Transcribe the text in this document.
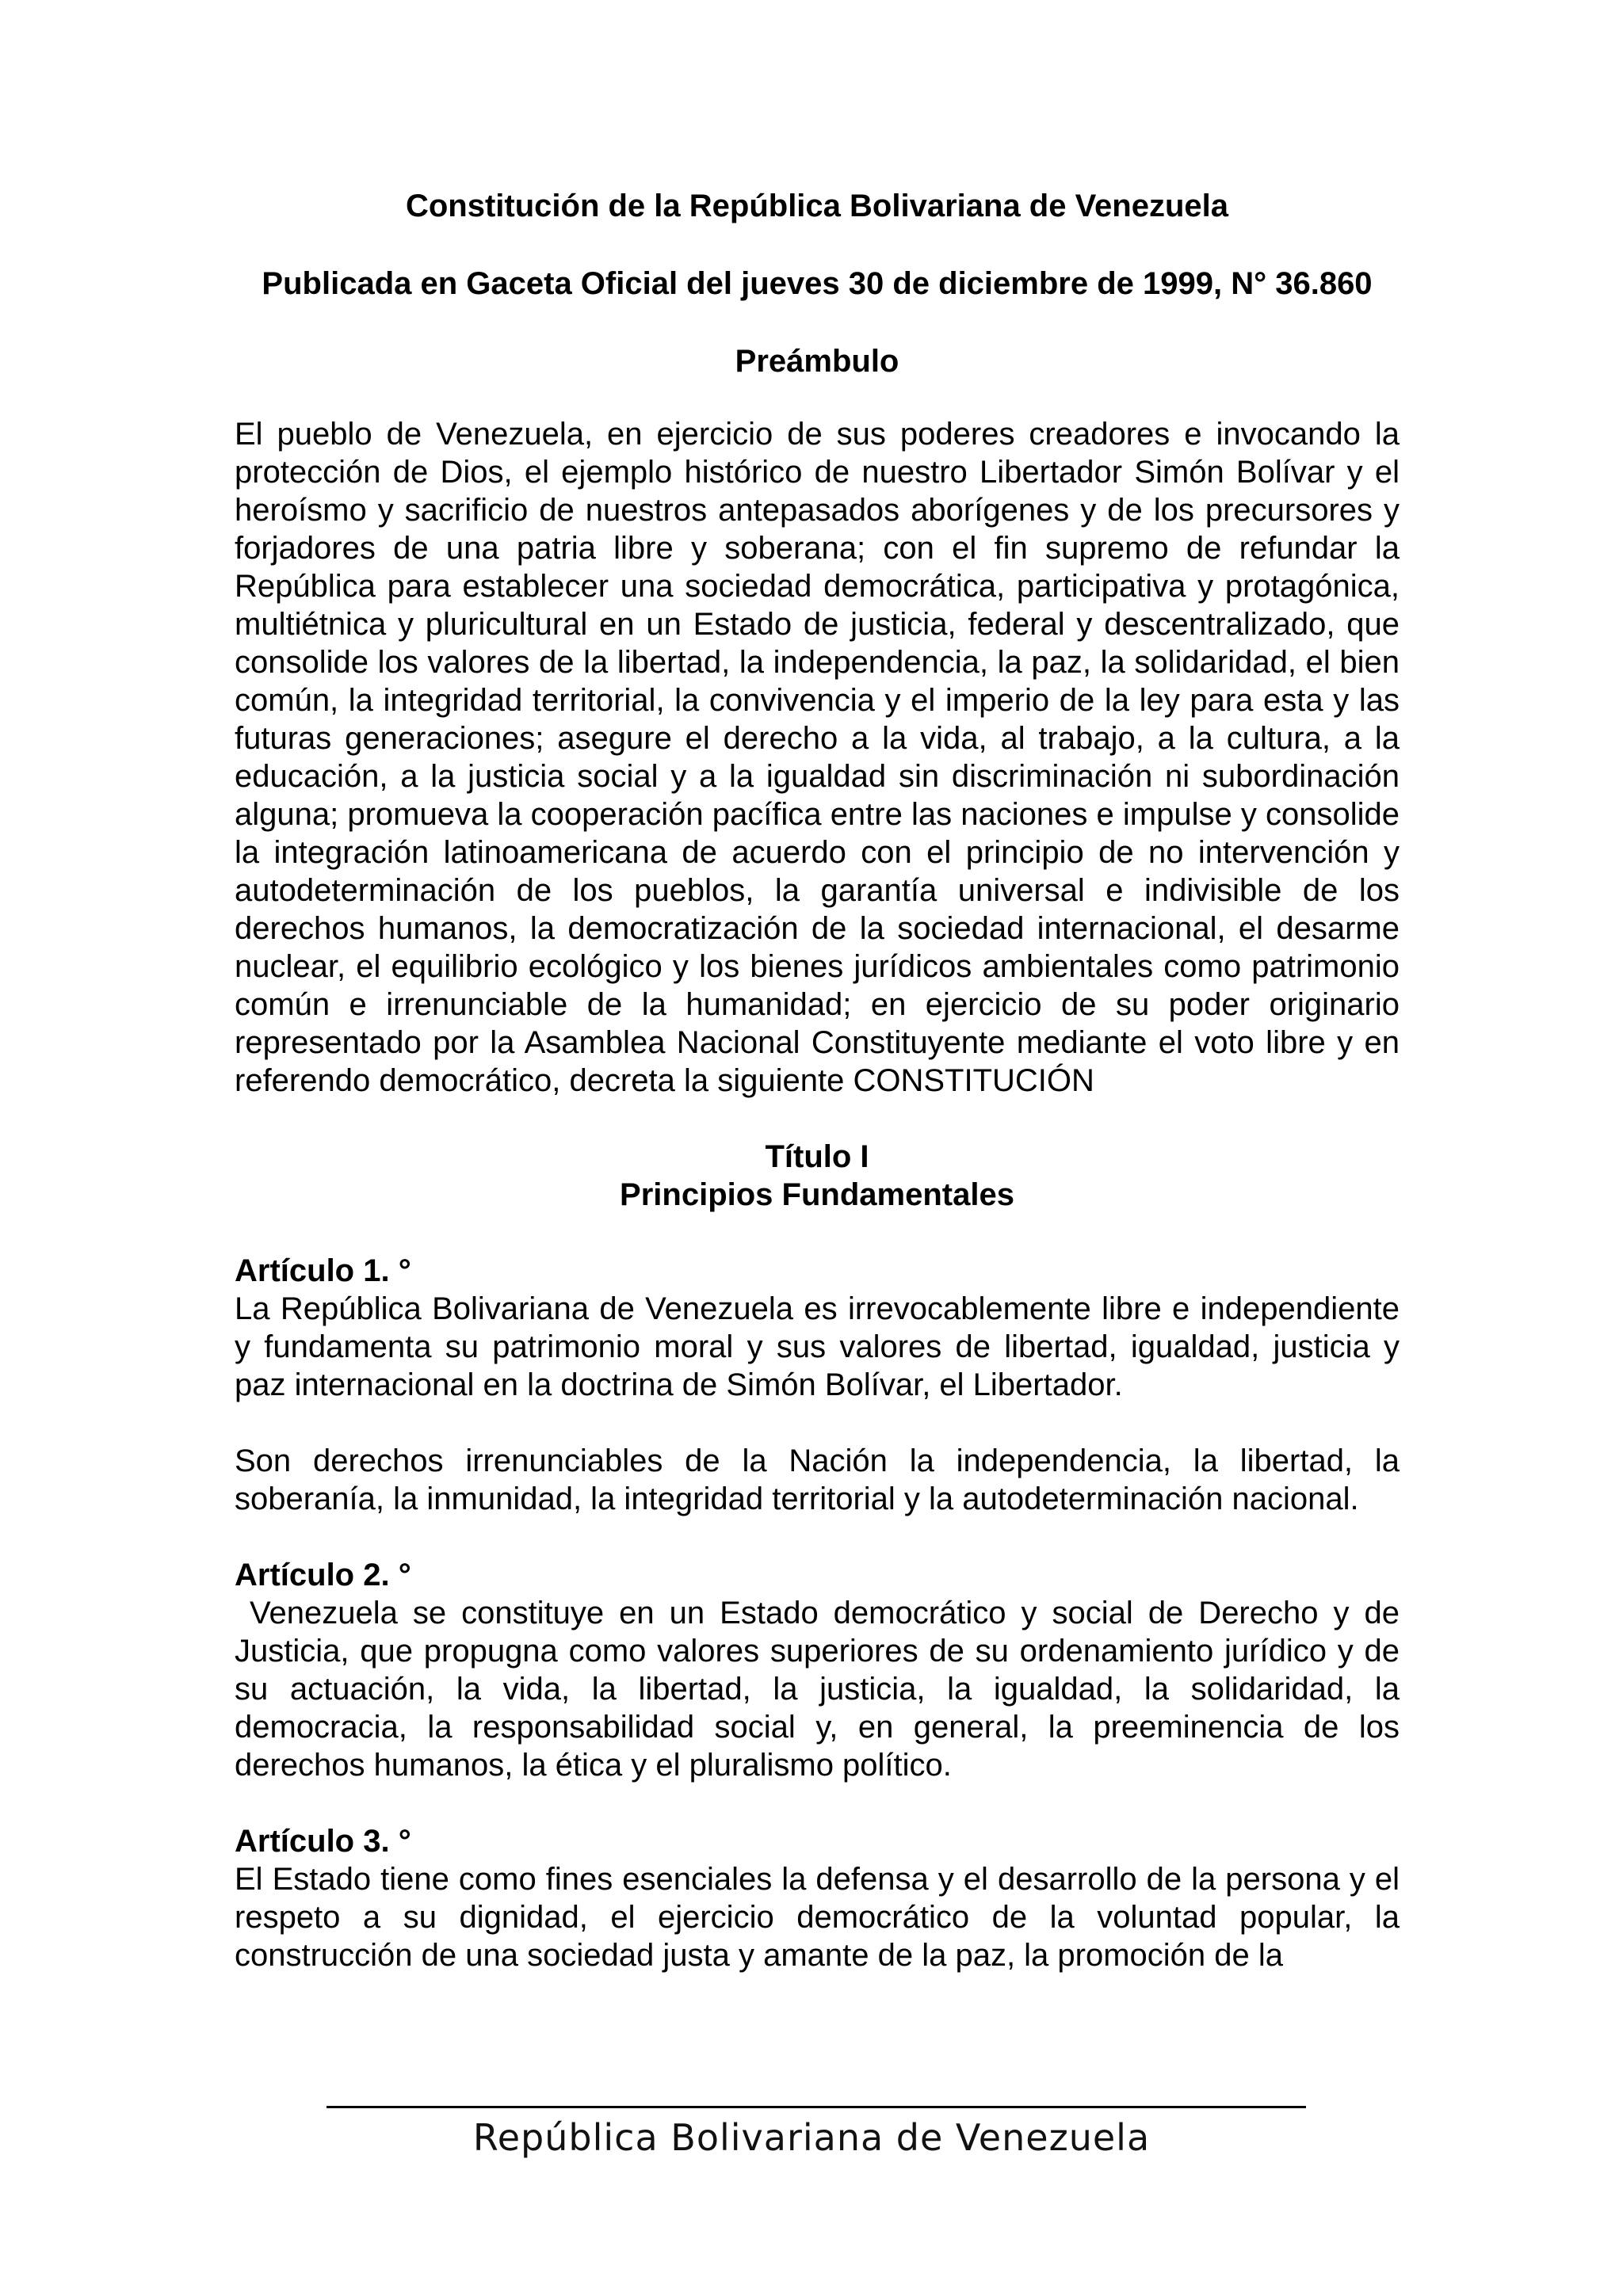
Constitución de la República Bolivariana de Venezuela

Publicada en Gaceta Oficial del jueves 30 de diciembre de 1999, N° 36.860

Preámbulo

El pueblo de Venezuela, en ejercicio de sus poderes creadores e invocando la protección de Dios, el ejemplo histórico de nuestro Libertador Simón Bolívar y el heroísmo y sacrificio de nuestros antepasados aborígenes y de los precursores y forjadores de una patria libre y soberana; con el fin supremo de refundar la República para establecer una sociedad democrática, participativa y protagónica, multiétnica y pluricultural en un Estado de justicia, federal y descentralizado, que consolide los valores de la libertad, la independencia, la paz, la solidaridad, el bien común, la integridad territorial, la convivencia y el imperio de la ley para esta y las futuras generaciones; asegure el derecho a la vida, al trabajo, a la cultura, a la educación, a la justicia social y a la igualdad sin discriminación ni subordinación alguna; promueva la cooperación pacífica entre las naciones e impulse y consolide la integración latinoamericana de acuerdo con el principio de no intervención y autodeterminación de los pueblos, la garantía universal e indivisible de los derechos humanos, la democratización de la sociedad internacional, el desarme nuclear, el equilibrio ecológico y los bienes jurídicos ambientales como patrimonio común e irrenunciable de la humanidad; en ejercicio de su poder originario representado por la Asamblea Nacional Constituyente mediante el voto libre y en referendo democrático, decreta la siguiente CONSTITUCIÓN

Título I
Principios Fundamentales

Artículo 1. °

La República Bolivariana de Venezuela es irrevocablemente libre e independiente y fundamenta su patrimonio moral y sus valores de libertad, igualdad, justicia y paz internacional en la doctrina de Simón Bolívar, el Libertador.

Son derechos irrenunciables de la Nación la independencia, la libertad, la soberanía, la inmunidad, la integridad territorial y la autodeterminación nacional.

Artículo 2. °

Venezuela se constituye en un Estado democrático y social de Derecho y de Justicia, que propugna como valores superiores de su ordenamiento jurídico y de su actuación, la vida, la libertad, la justicia, la igualdad, la solidaridad, la democracia, la responsabilidad social y, en general, la preeminencia de los derechos humanos, la ética y el pluralismo político.

Artículo 3. °

El Estado tiene como fines esenciales la defensa y el desarrollo de la persona y el respeto a su dignidad, el ejercicio democrático de la voluntad popular, la construcción de una sociedad justa y amante de la paz, la promoción de la

República Bolivariana de Venezuela
